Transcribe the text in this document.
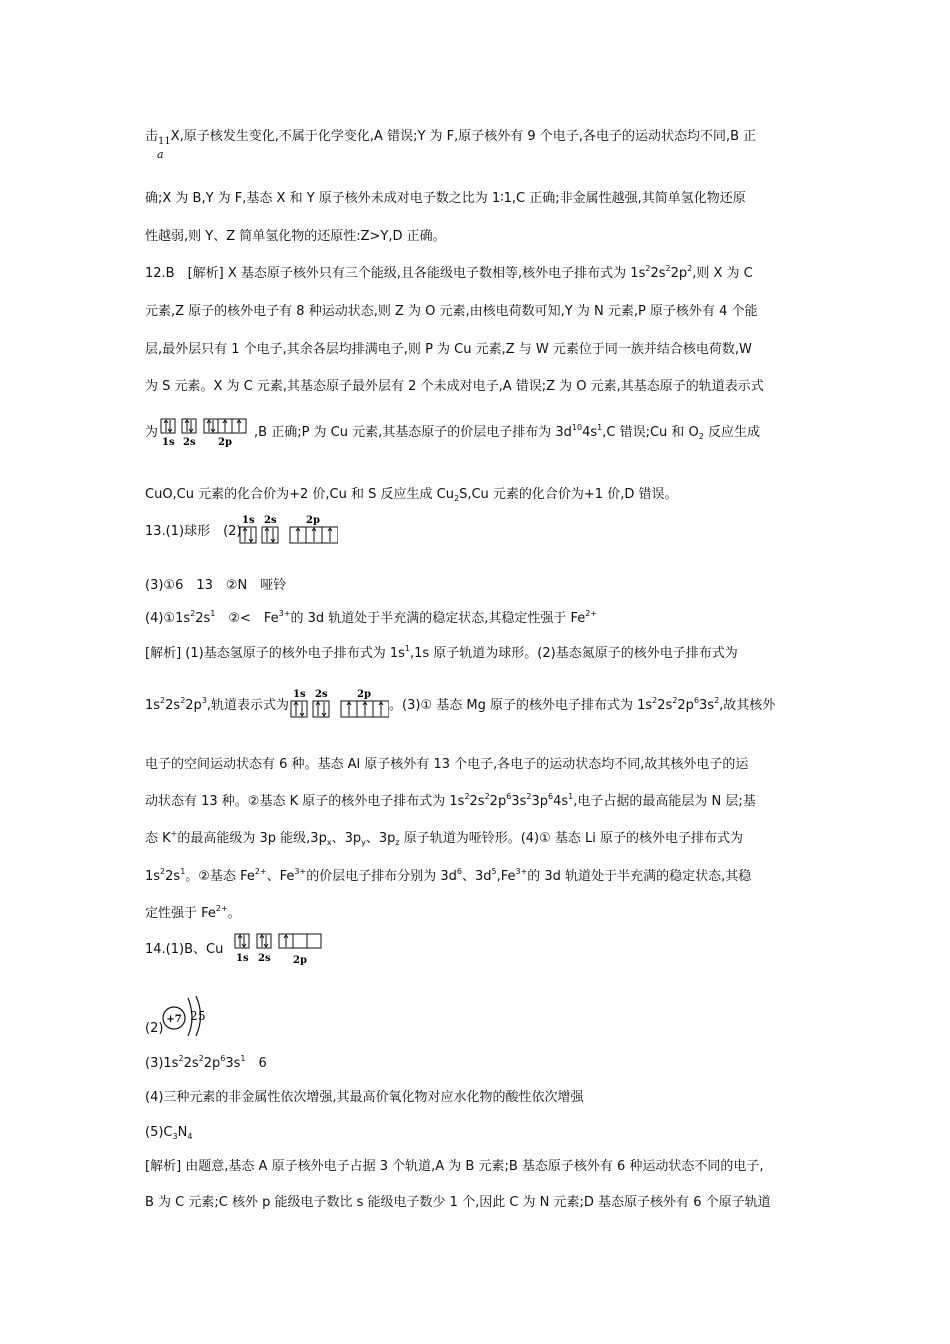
击$_{11}$X,原子核发生变化,不属于化学变化,A 错误;Y 为 F,原子核外有 9 个电子,各电子的运动状态均不同,B 正
a
确;X 为 B,Y 为 F,基态 X 和 Y 原子核外未成对电子数之比为 1∶1,C 正确;非金属性越强,其简单氢化物还原
性越弱,则 Y、Z 简单氢化物的还原性:Z>Y,D 正确。
12.B　[解析] X 基态原子核外只有三个能级,且各能级电子数相等,核外电子排布式为 $1s^22s^22p^2$,则 X 为 C
元素,Z 原子的核外电子有 8 种运动状态,则 Z 为 O 元素,由核电荷数可知,Y 为 N 元素,P 原子核外有 4 个能
层,最外层只有 1 个电子,其余各层均排满电子,则 P 为 Cu 元素,Z 与 W 元素位于同一族并结合核电荷数,W
为 S 元素。X 为 C 元素,其基态原子最外层有 2 个未成对电子,A 错误;Z 为 O 元素,其基态原子的轨道表示式
为
1s 2s 2p
,B 正确;P 为 Cu 元素,其基态原子的价层电子排布为 $3d^{10}4s^1,C$ 错误;Cu 和 $O_2$ 反应生成
CuO,Cu 元素的化合价为+2 价,Cu 和 S 反应生成 $Cu_2S,Cu$ 元素的化合价为+1 价,D 错误。
13.(1)球形　(2)
1s 2s	2p
(3)①6　13　②N　哑铃
$(4)①1s^22s^1$　②<　$Fe^{3+}$的 3d 轨道处于半充满的稳定状态,其稳定性强于 $Fe^{2+}$
[解析] (1)基态氢原子的核外电子排布式为 $1s^1,1s$ 原子轨道为球形。(2)基态氮原子的核外电子排布式为
$1s^22s^22p^3$,轨道表示式为
1s 2s	2p
。(3)① 基态 Mg 原子的核外电子排布式为 $1s^22s^22p^63s^2$,故其核外
电子的空间运动状态有 6 种。基态 Al 原子核外有 13 个电子,各电子的运动状态均不同,故其核外电子的运
动状态有 13 种。②基态 K 原子的核外电子排布式为 $1s^22s^22p^63s^23p^64s^1$,电子占据的最高能层为 N 层;基
态 K+的最高能级为 3p 能级$,3p_x$、$3p_y$、$3p_z$ 原子轨道为哑铃形。(4)① 基态 Li 原子的核外电子排布式为
$1s^22s^1$。②基态 $Fe^{2+}$、$Fe^{3+}$的价层电子排布分别为 $3d^6$、$3d^5,Fe^{3+}$的 3d 轨道处于半充满的稳定状态,其稳
定性强于 $Fe^{2+}$。
14.(1)B、Cu
1s 2s 2p
(2)
+7 2 5
$(3)1s^22s^22p^63s^1$　6
(4)三种元素的非金属性依次增强,其最高价氧化物对应水化物的酸性依次增强
$(5)C_3N_4$
[解析] 由题意,基态 A 原子核外电子占据 3 个轨道,A 为 B 元素;B 基态原子核外有 6 种运动状态不同的电子,
B 为 C 元素;C 核外 p 能级电子数比 s 能级电子数少 1 个,因此 C 为 N 元素;D 基态原子核外有 6 个原子轨道
